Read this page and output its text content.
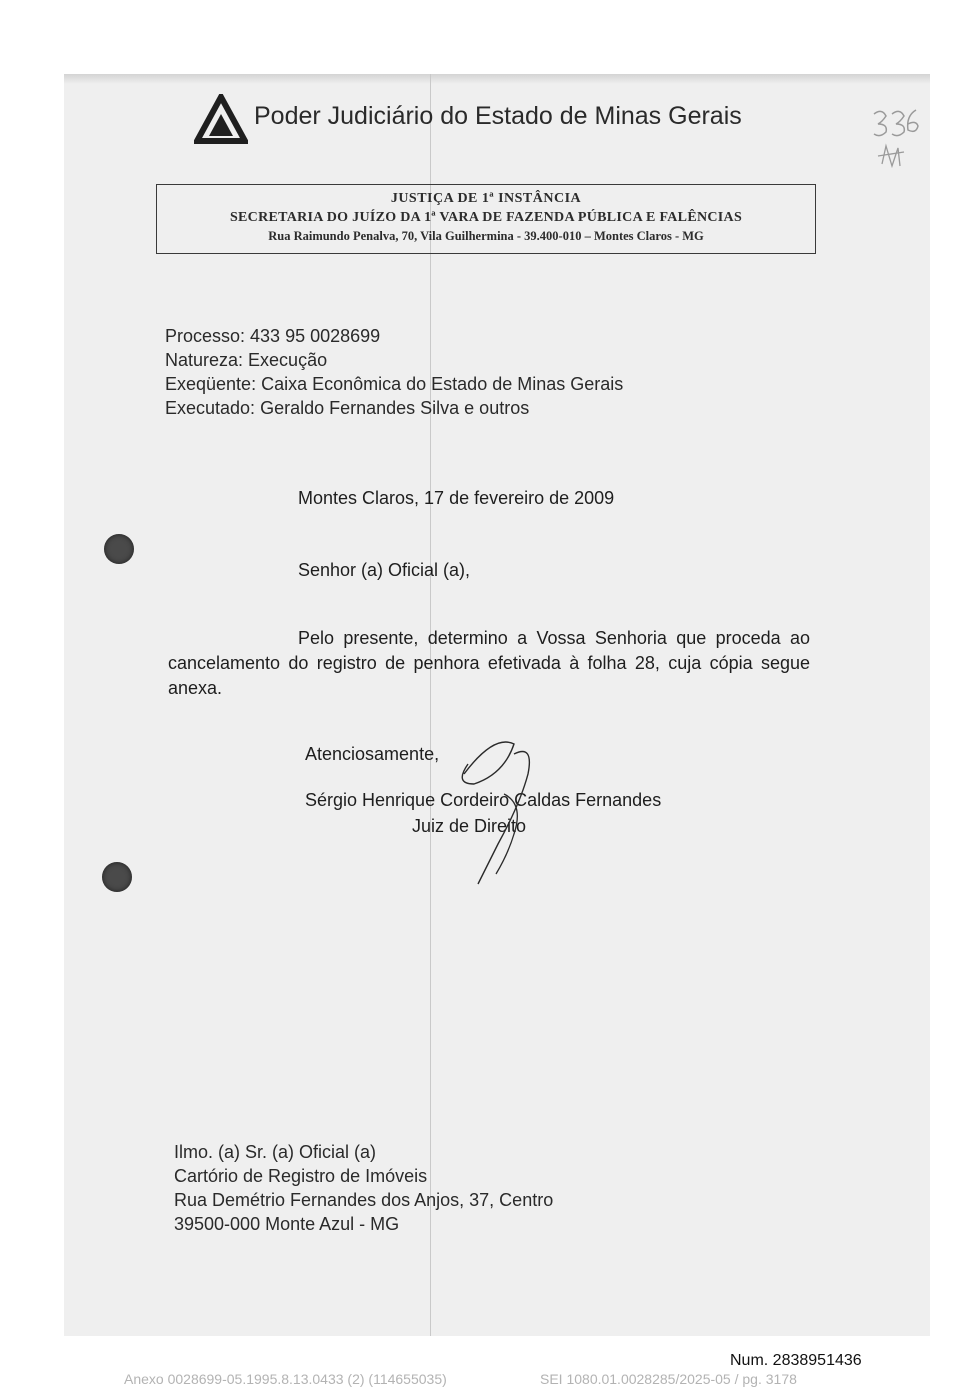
Poder Judiciário do Estado de Minas Gerais
JUSTIÇA DE 1ª INSTÂNCIA
SECRETARIA DO JUÍZO DA 1ª VARA DE FAZENDA PÚBLICA E FALÊNCIAS
Rua Raimundo Penalva, 70, Vila Guilhermina - 39.400-010 – Montes Claros - MG
Processo: 433 95 0028699
Natureza: Execução
Exeqüente: Caixa Econômica do Estado de Minas Gerais
Executado: Geraldo Fernandes Silva e outros
Montes Claros, 17 de fevereiro de 2009
Senhor (a) Oficial (a),
Pelo presente, determino a Vossa Senhoria que proceda ao cancelamento do registro de penhora efetivada à folha 28, cuja cópia segue anexa.
Atenciosamente,
Sérgio Henrique Cordeiro Caldas Fernandes
Juiz de Direito
Ilmo. (a) Sr. (a) Oficial (a)
Cartório de Registro de Imóveis
Rua Demétrio Fernandes dos Anjos, 37, Centro
39500-000 Monte Azul - MG
Num. 2838951436
Anexo 0028699-05.1995.8.13.0433 (2) (114655035)	SEI 1080.01.0028285/2025-05 / pg. 3178
